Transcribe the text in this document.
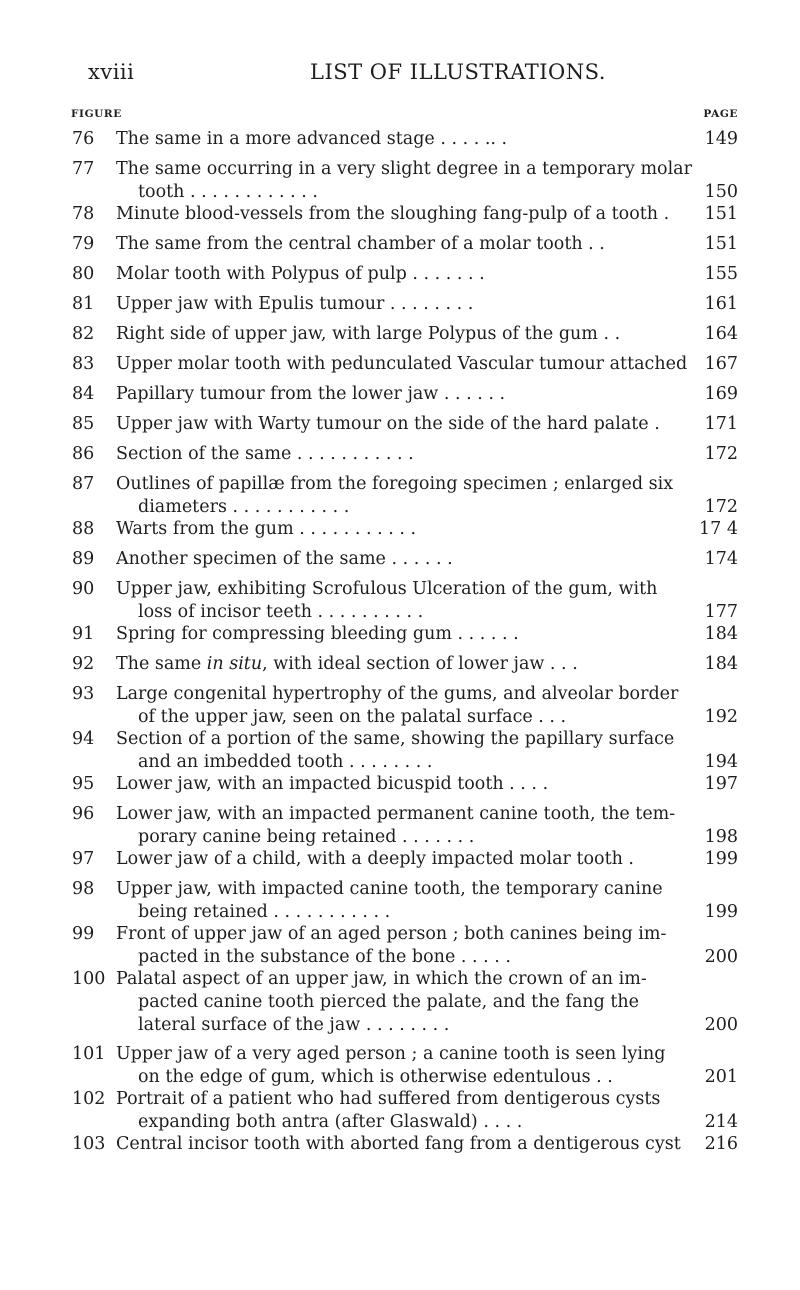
xviii	LIST OF ILLUSTRATIONS.
FIGURE	PAGE
76	The same in a more advanced stage . . . . .. .	149
77	The same occurring in a very slight degree in a temporary molar
tooth . . . . . . . . . . . .	150
78	Minute blood-vessels from the sloughing fang-pulp of a tooth .	151
79	The same from the central chamber of a molar tooth . .	151
80	Molar tooth with Polypus of pulp . . . . . . .	155
81	Upper jaw with Epulis tumour . . . . . . . .	161
82	Right side of upper jaw, with large Polypus of the gum . .	164
83	Upper molar tooth with pedunculated Vascular tumour attached 167
84	Papillary tumour from the lower jaw . . . . . .	169
85	Upper jaw with Warty tumour on the side of the hard palate .	171
86	Section of the same . . . . . . . . . . .	172
87	Outlines of papillæ from the foregoing specimen ; enlarged six
diameters . . . . . . . . . . .	172
88	Warts from the gum . . . . . . . . . . .	17 4
89	Another specimen of the same . . . . . .	174
90	Upper jaw, exhibiting Scrofulous Ulceration of the gum, with
loss of incisor teeth . . . . . . . . . .	177
91	Spring for compressing bleeding gum . . . . . .	184
92	The same in situ, with ideal section of lower jaw . . .	184
93	Large congenital hypertrophy of the gums, and alveolar border
of the upper jaw, seen on the palatal surface . . .	192
94	Section of a portion of the same, showing the papillary surface
and an imbedded tooth . . . . . . . .	194
95	Lower jaw, with an impacted bicuspid tooth . . . .	197
96	Lower jaw, with an impacted permanent canine tooth, the tem-
porary canine being retained . . . . . . .	198
97	Lower jaw of a child, with a deeply impacted molar tooth .	199
98	Upper jaw, with impacted canine tooth, the temporary canine
being retained . . . . . . . . . . .	199
99	Front of upper jaw of an aged person ; both canines being im-
pacted in the substance of the bone . . . . .	200
100 Palatal aspect of an upper jaw, in which the crown of an im-
pacted canine tooth pierced the palate, and the fang the
lateral surface of the jaw . . . . . . . .	200
101 Upper jaw of a very aged person ; a canine tooth is seen lying
on the edge of gum, which is otherwise edentulous . .	201
102 Portrait of a patient who had suffered from dentigerous cysts
expanding both antra (after Glaswald) . . . .	214
103 Central incisor tooth with aborted fang from a dentigerous cyst	216
